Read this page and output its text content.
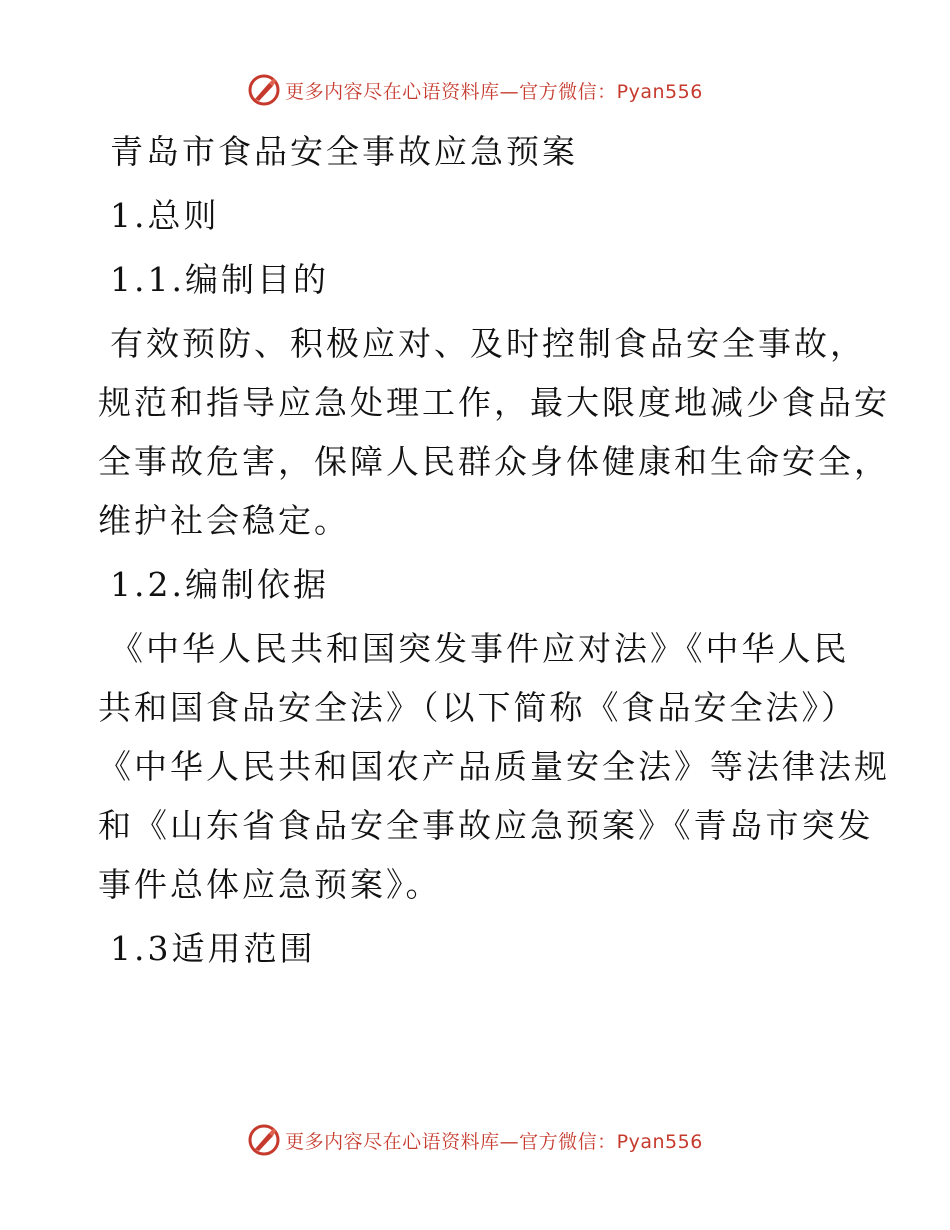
更多内容尽在心语资料库—官方微信：Pyan556

青岛市食品安全事故应急预案

1.总则

1.1.编制目的

有效预防、积极应对、及时控制食品安全事故，

规范和指导应急处理工作，最大限度地减少食品安

全事故危害，保障人民群众身体健康和生命安全，

维护社会稳定。

1.2.编制依据

《中华人民共和国突发事件应对法》《中华人民

共和国食品安全法》（以下简称《食品安全法》）

《中华人民共和国农产品质量安全法》等法律法规

和《山东省食品安全事故应急预案》《青岛市突发

事件总体应急预案》。

1.3适用范围

更多内容尽在心语资料库—官方微信：Pyan556
